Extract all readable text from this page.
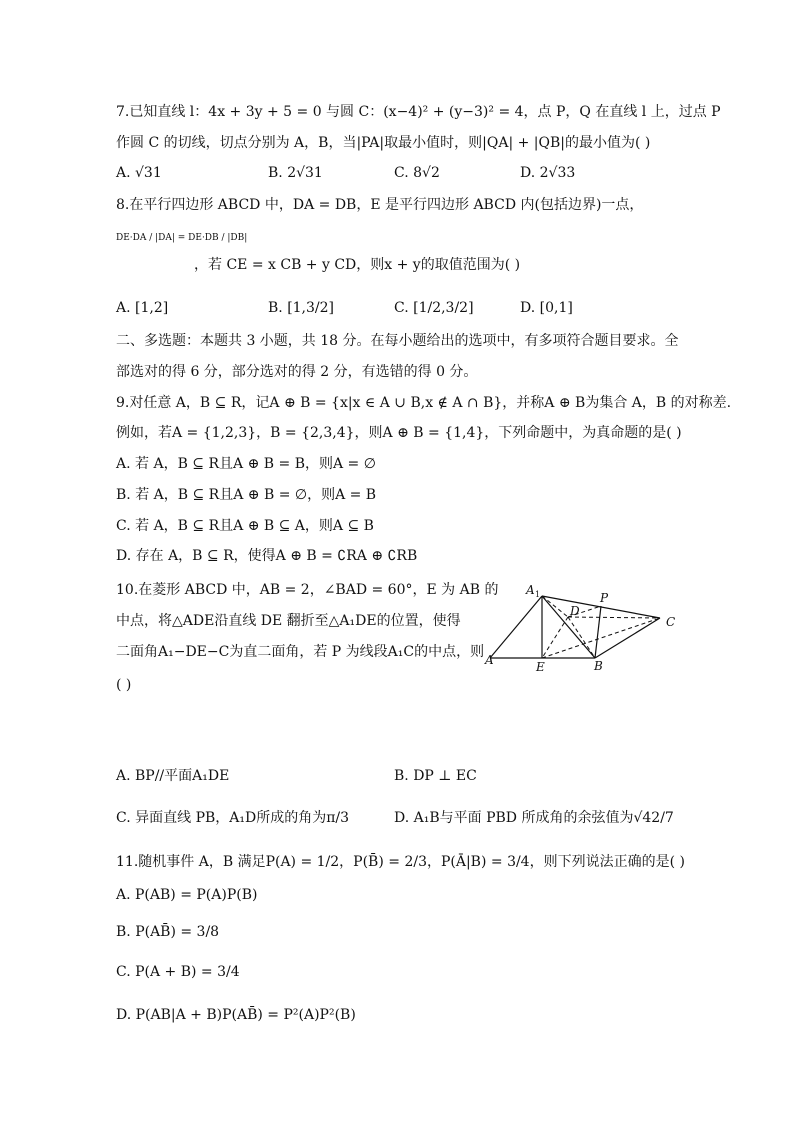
7.已知直线 l：4x + 3y + 5 = 0 与圆 C：(x−4)² + (y−3)² = 4，点 P，Q 在直线 l 上，过点 P
作圆 C 的切线，切点分别为 A，B，当|PA|取最小值时，则|QA| + |QB|的最小值为( )
A. √31	B. 2√31	C. 8√2	D. 2√33
8.在平行四边形 ABCD 中，DA = DB，E 是平行四边形 ABCD 内(包括边界)一点，
DE·DA / |DA| = DE·DB / |DB|
，若 CE = x CB + y CD，则x + y的取值范围为( )
A. [1,2]	B. [1,3/2]	C. [1/2,3/2]	D. [0,1]
二、多选题：本题共 3 小题，共 18 分。在每小题给出的选项中，有多项符合题目要求。全
部选对的得 6 分，部分选对的得 2 分，有选错的得 0 分。
9.对任意 A，B ⊆ R，记A ⊕ B = {x|x ∈ A ∪ B,x ∉ A ∩ B}，并称A ⊕ B为集合 A，B 的对称差.
例如，若A = {1,2,3}，B = {2,3,4}，则A ⊕ B = {1,4}，下列命题中，为真命题的是( )
A. 若 A，B ⊆ R且A ⊕ B = B，则A = ∅
B. 若 A，B ⊆ R且A ⊕ B = ∅，则A = B
C. 若 A，B ⊆ R且A ⊕ B ⊆ A，则A ⊆ B
D. 存在 A，B ⊆ R，使得A ⊕ B = ∁RA ⊕ ∁RB
10.在菱形 ABCD 中，AB = 2，∠BAD = 60°，E 为 AB 的
中点，将△ADE沿直线 DE 翻折至△A₁DE的位置，使得
二面角A₁−DE−C为直二面角，若 P 为线段A₁C的中点，则
( )
A 1
D
P
C
A	E	B
A. BP//平面A₁DE	B. DP ⊥ EC
C. 异面直线 PB，A₁D所成的角为π/3	D. A₁B与平面 PBD 所成角的余弦值为√42/7
11.随机事件 A，B 满足P(A) = 1/2，P(B̄) = 2/3，P(Ā|B) = 3/4，则下列说法正确的是( )
A. P(AB) = P(A)P(B)
B. P(AB̄) = 3/8
C. P(A + B) = 3/4
D. P(AB|A + B)P(AB̄) = P²(A)P²(B)
